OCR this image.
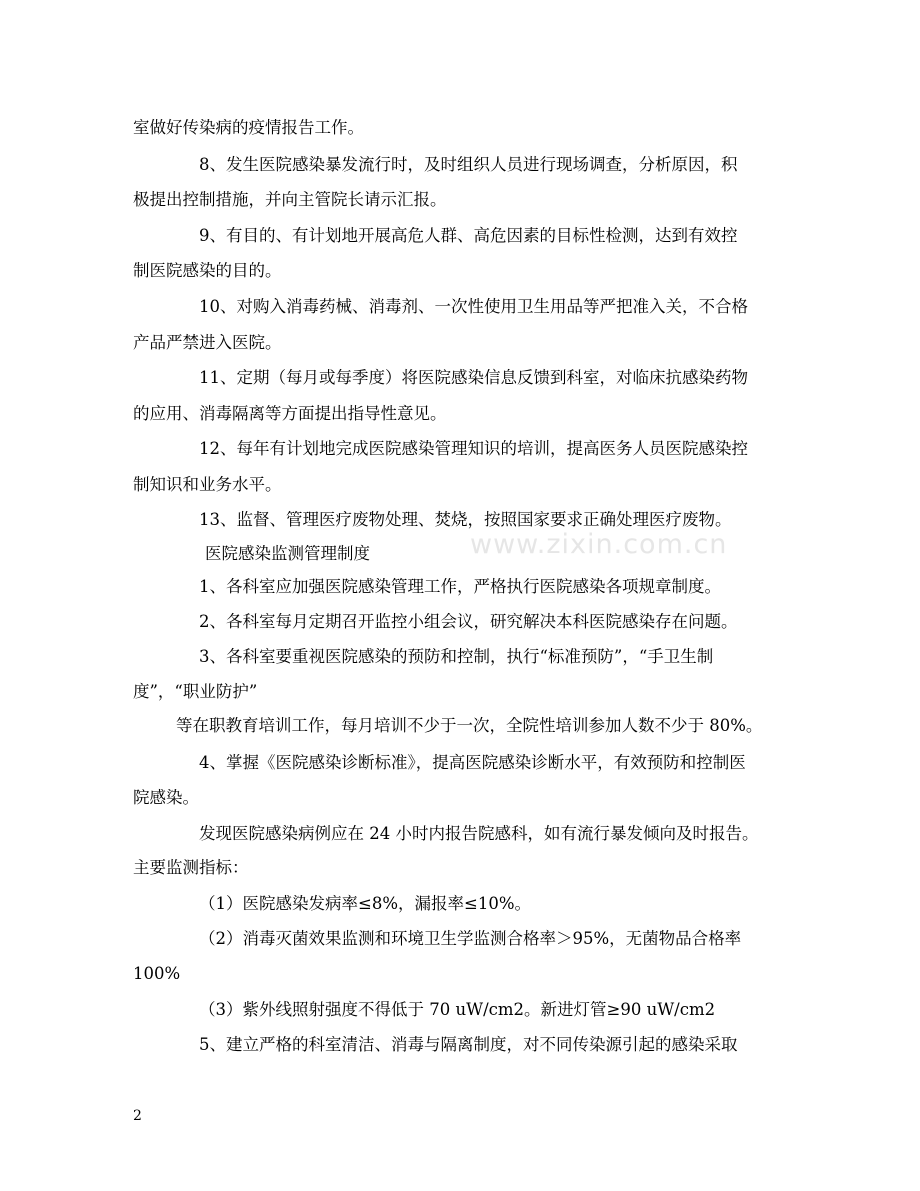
www.zixin.com.cn
室做好传染病的疫情报告工作。
8、发生医院感染暴发流行时，及时组织人员进行现场调查，分析原因，积
极提出控制措施，并向主管院长请示汇报。
9、有目的、有计划地开展高危人群、高危因素的目标性检测，达到有效控
制医院感染的目的。
10、对购入消毒药械、消毒剂、一次性使用卫生用品等严把准入关，不合格
产品严禁进入医院。
11、定期（每月或每季度）将医院感染信息反馈到科室，对临床抗感染药物
的应用、消毒隔离等方面提出指导性意见。
12、每年有计划地完成医院感染管理知识的培训，提高医务人员医院感染控
制知识和业务水平。
13、监督、管理医疗废物处理、焚烧，按照国家要求正确处理医疗废物。
医院感染监测管理制度
1、各科室应加强医院感染管理工作，严格执行医院感染各项规章制度。
2、各科室每月定期召开监控小组会议，研究解决本科医院感染存在问题。
3、各科室要重视医院感染的预防和控制，执行“标准预防”，“手卫生制
度”，“职业防护”
等在职教育培训工作，每月培训不少于一次，全院性培训参加人数不少于 80%。
4、掌握《医院感染诊断标准》，提高医院感染诊断水平，有效预防和控制医
院感染。
发现医院感染病例应在 24 小时内报告院感科，如有流行暴发倾向及时报告。
主要监测指标：
（1）医院感染发病率≤8%，漏报率≤10%。
（2）消毒灭菌效果监测和环境卫生学监测合格率＞95%，无菌物品合格率
100%
（3）紫外线照射强度不得低于 70 uW/cm2。新进灯管≥90 uW/cm2
5、建立严格的科室清洁、消毒与隔离制度，对不同传染源引起的感染采取
2
